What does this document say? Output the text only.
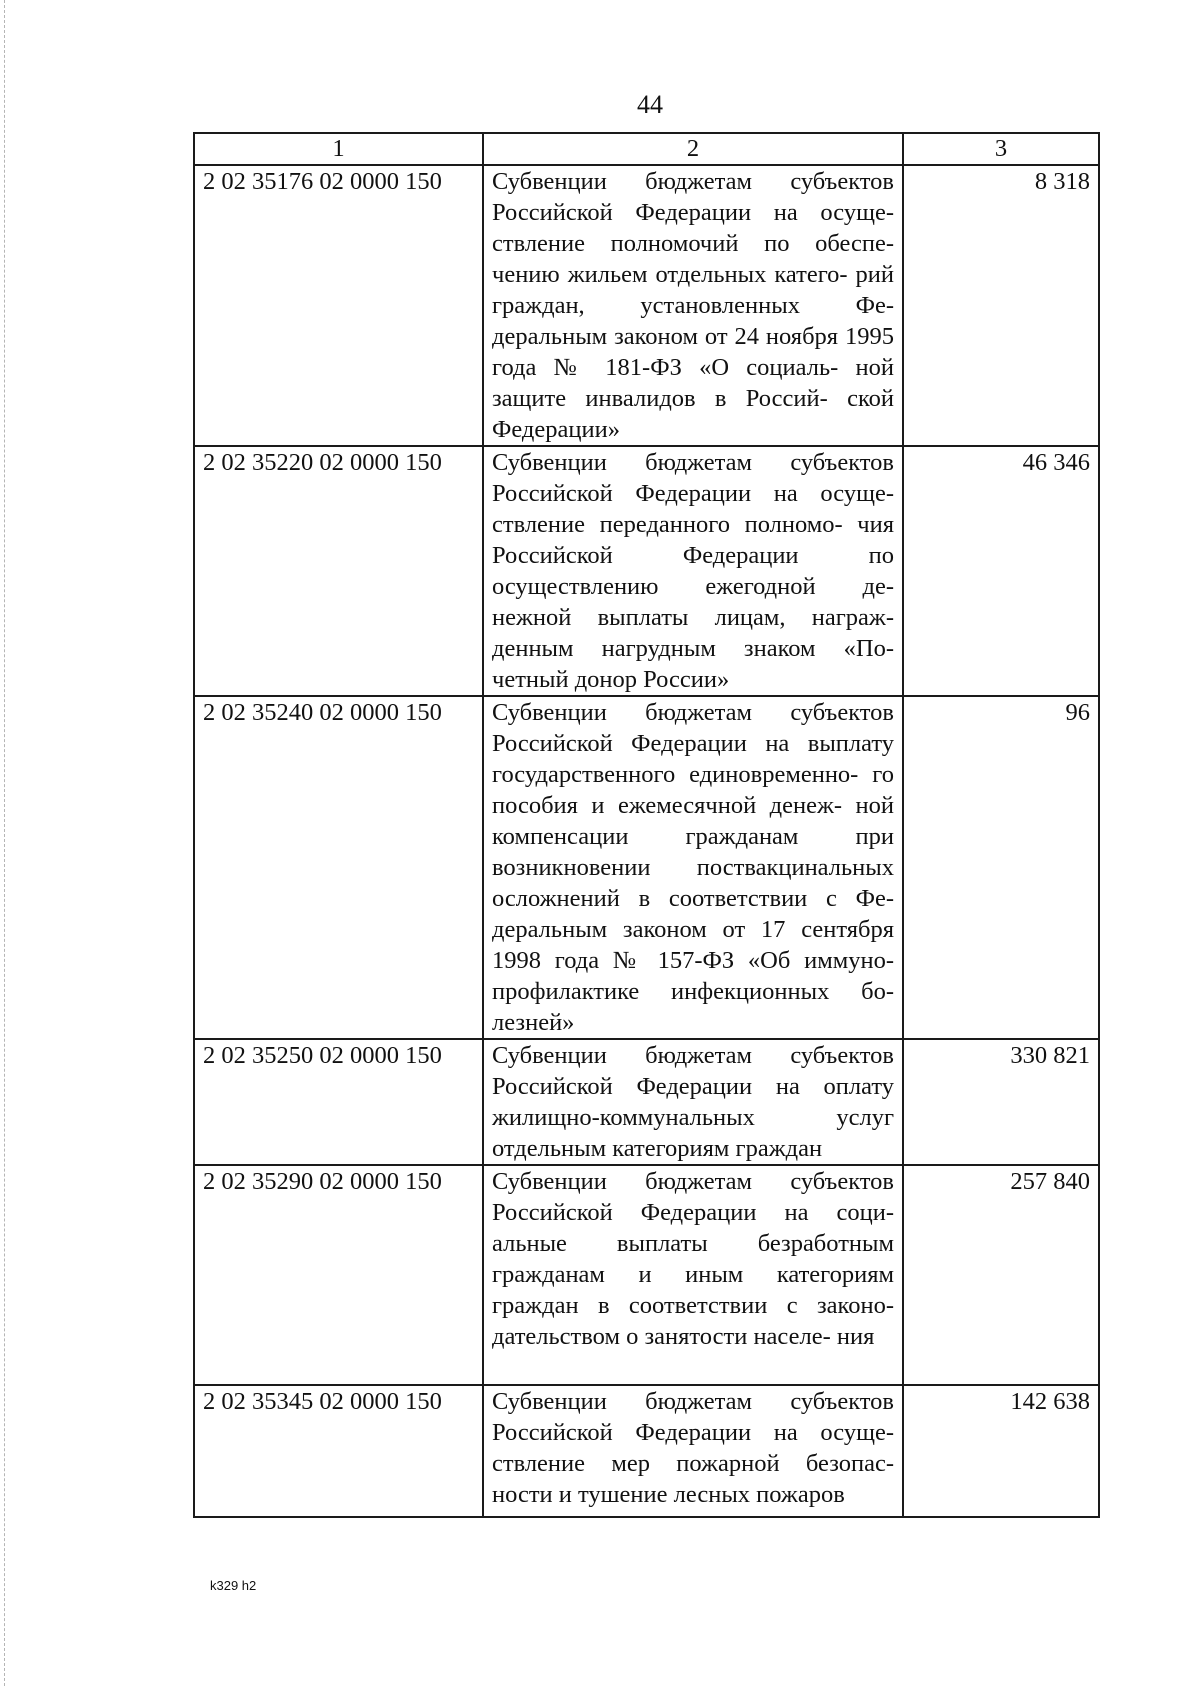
44
1	2	3
2 02 35176 02 0000 150	Субвенции бюджетам субъектов Российской Федерации на осуще- ствление полномочий по обеспе- чению жильем отдельных катего- рий граждан, установленных Фе- деральным законом от 24 ноября 1995 года № 181-ФЗ «О социаль- ной защите инвалидов в Россий- ской Федерации»	8 318
2 02 35220 02 0000 150	Субвенции бюджетам субъектов Российской Федерации на осуще- ствление переданного полномо- чия Российской Федерации по осуществлению ежегодной де- нежной выплаты лицам, награж- денным нагрудным знаком «По- четный донор России»	46 346
2 02 35240 02 0000 150	Субвенции бюджетам субъектов Российской Федерации на выплату государственного единовременно- го пособия и ежемесячной денеж- ной компенсации гражданам при возникновении поствакцинальных осложнений в соответствии с Фе- деральным законом от 17 сентября 1998 года № 157-ФЗ «Об иммуно- профилактике инфекционных бо- лезней»	96
2 02 35250 02 0000 150	Субвенции бюджетам субъектов Российской Федерации на оплату жилищно-коммунальных услуг отдельным категориям граждан	330 821
2 02 35290 02 0000 150	Субвенции бюджетам субъектов Российской Федерации на соци- альные выплаты безработным гражданам и иным категориям граждан в соответствии с законо- дательством о занятости населе- ния	257 840
2 02 35345 02 0000 150	Субвенции бюджетам субъектов Российской Федерации на осуще- ствление мер пожарной безопас- ности и тушение лесных пожаров	142 638
k329 h2
